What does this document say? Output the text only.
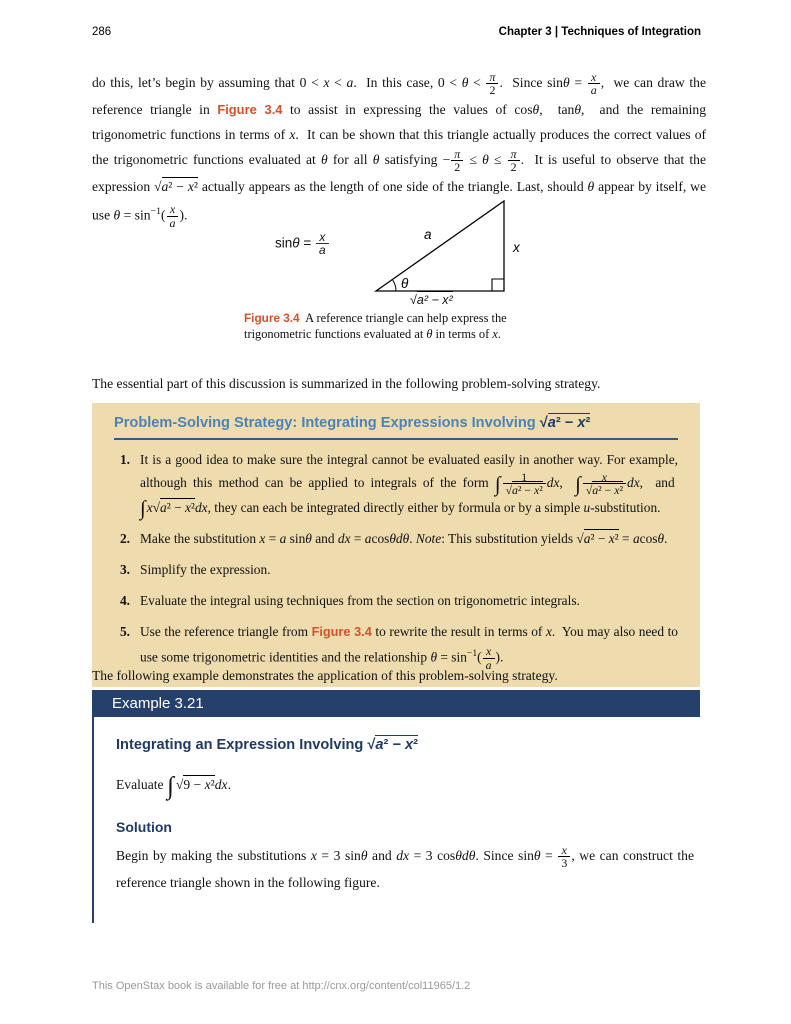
286	Chapter 3 | Techniques of Integration

do this, let’s begin by assuming that 0 < x < a.  In this case, $0 < \theta < \frac{\pi}{2}$ .  Since $\sin\theta = \frac{x}{a}$ ,  we can draw the reference triangle in Figure 3.4 to assist in expressing the values of cosθ,  tanθ,  and the remaining trigonometric functions in terms of x.  It can be shown that this triangle actually produces the correct values of the trigonometric functions evaluated at θ for all θ satisfying − $\frac{\pi}{2} \le \theta \le \frac{\pi}{2}$ .  It is useful to observe that the expression √a² − x² actually appears as the length of one side of the triangle. Last, should θ appear by itself, we use $\theta = \sin^{-1}( \frac{x}{a}$ ).

$\sin\theta = \frac{x}{a}$	a
x
θ
√a² − x²

Figure 3.4 A reference triangle can help express the trigonometric functions evaluated at θ in terms of x.

The essential part of this discussion is summarized in the following problem-solving strategy.

Problem-Solving Strategy: Integrating Expressions Involving √a² − x²
1. It is a good idea to make sure the integral cannot be evaluated easily in another way. For example, although this method can be applied to integrals of the form ∫ $\frac{1}{\text{√a² − x²}}$ dx,  ∫ $\frac{x}{\text{√a² − x²}}$ dx,  and  ∫x√a² − x²dx, they can each be integrated directly either by formula or by a simple u-substitution.
2. Make the substitution x = a sinθ and dx = acosθdθ. Note: This substitution yields √a² − x² = acosθ.
3. Simplify the expression.
4. Evaluate the integral using techniques from the section on trigonometric integrals.
5. Use the reference triangle from Figure 3.4 to rewrite the result in terms of x.  You may also need to use some trigonometric identities and the relationship $\theta = \sin^{-1}( \frac{x}{a}$ ).

The following example demonstrates the application of this problem-solving strategy.

Example 3.21
Integrating an Expression Involving √a² − x²

Evaluate ∫ √9 − x²dx.

Solution

Begin by making the substitutions x = 3 sinθ and dx = 3 cosθdθ. Since $\sin\theta = \frac{x}{3}$ , we can construct the reference triangle shown in the following figure.

This OpenStax book is available for free at http://cnx.org/content/col11965/1.2
